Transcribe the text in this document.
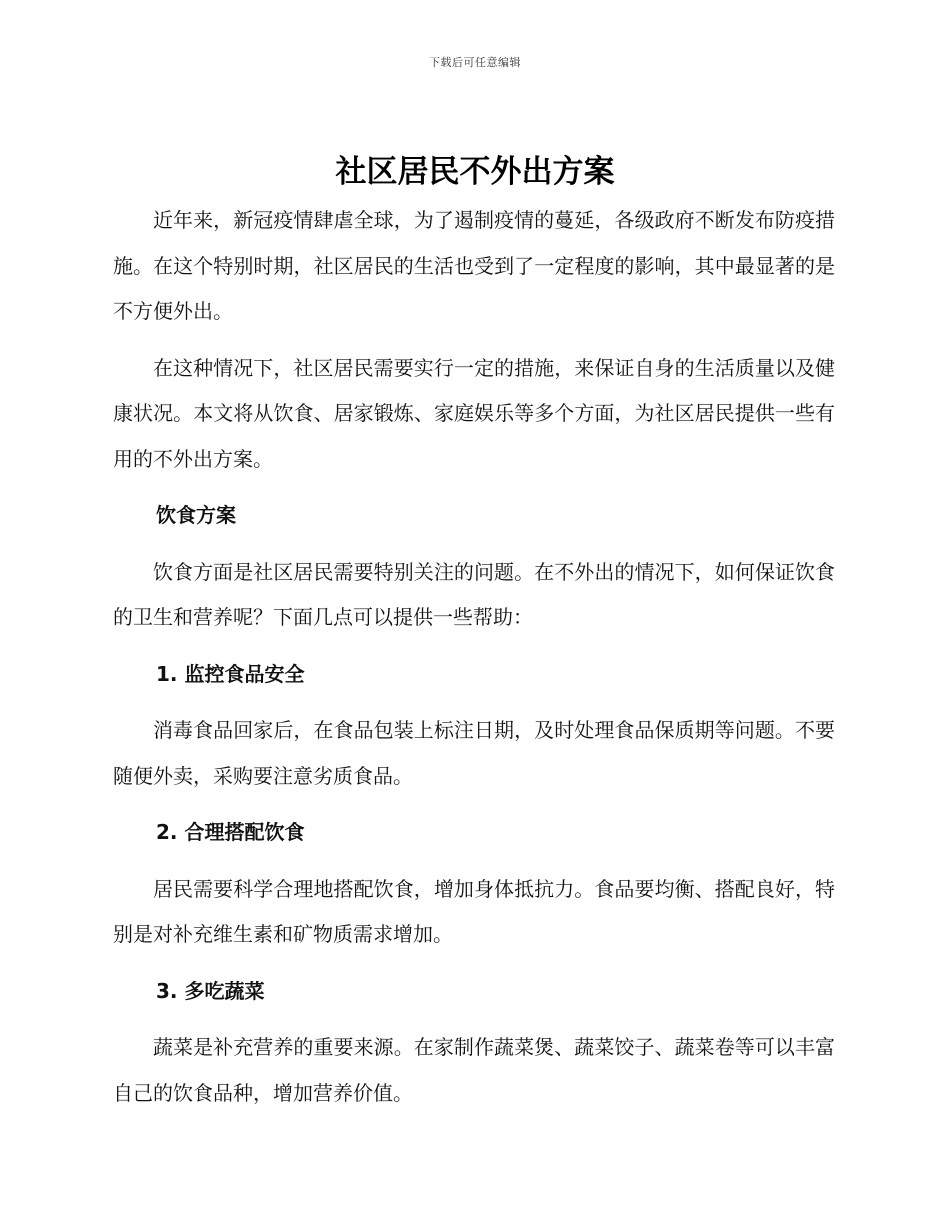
下载后可任意编辑
社区居民不外出方案

近年来，新冠疫情肆虐全球，为了遏制疫情的蔓延，各级政府不断发布防疫措施。在这个特别时期，社区居民的生活也受到了一定程度的影响，其中最显著的是不方便外出。

在这种情况下，社区居民需要实行一定的措施，来保证自身的生活质量以及健康状况。本文将从饮食、居家锻炼、家庭娱乐等多个方面，为社区居民提供一些有用的不外出方案。

饮食方案

饮食方面是社区居民需要特别关注的问题。在不外出的情况下，如何保证饮食的卫生和营养呢？下面几点可以提供一些帮助：

1. 监控食品安全

消毒食品回家后，在食品包装上标注日期，及时处理食品保质期等问题。不要随便外卖，采购要注意劣质食品。

2. 合理搭配饮食

居民需要科学合理地搭配饮食，增加身体抵抗力。食品要均衡、搭配良好，特别是对补充维生素和矿物质需求增加。

3. 多吃蔬菜

蔬菜是补充营养的重要来源。在家制作蔬菜煲、蔬菜饺子、蔬菜卷等可以丰富自己的饮食品种，增加营养价值。
